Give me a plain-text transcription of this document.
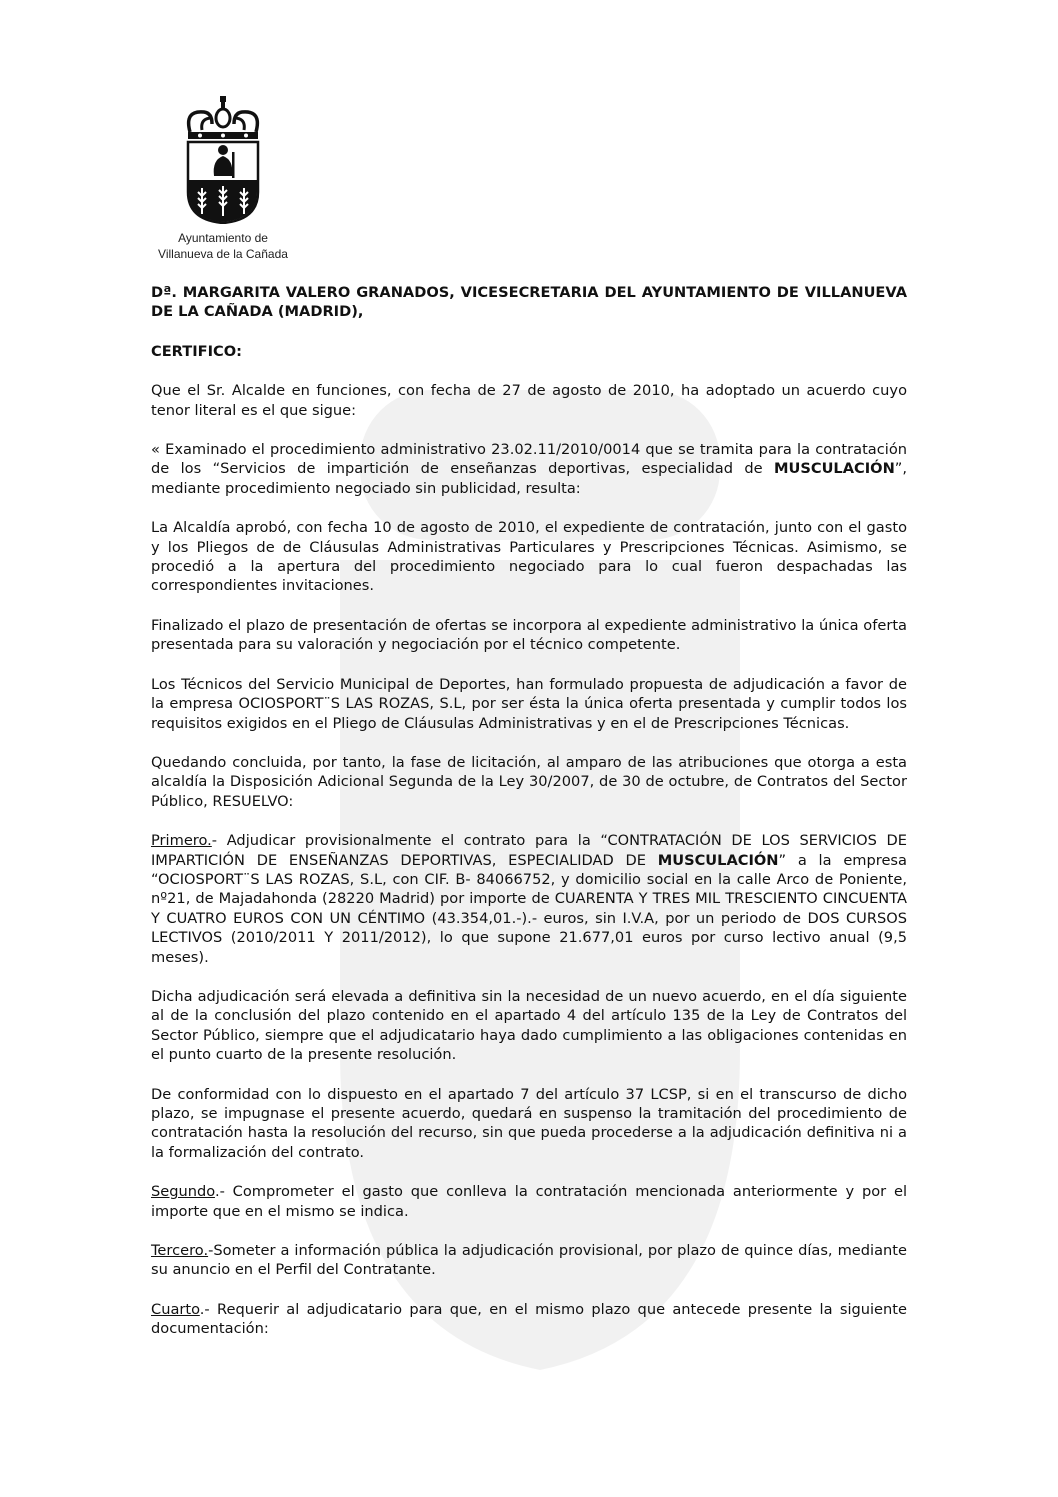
Ayuntamiento de
Villanueva de la Cañada

Dª. MARGARITA VALERO GRANADOS, VICESECRETARIA DEL AYUNTAMIENTO DE VILLANUEVA DE LA CAÑADA (MADRID),

CERTIFICO:

Que el Sr. Alcalde en funciones, con fecha de 27 de agosto de 2010, ha adoptado un acuerdo cuyo tenor literal es el que sigue:

« Examinado el procedimiento administrativo 23.02.11/2010/0014 que se tramita para la contratación de los “Servicios de impartición de enseñanzas deportivas, especialidad de MUSCULACIÓN”, mediante procedimiento negociado sin publicidad, resulta:

La Alcaldía aprobó, con fecha 10 de agosto de 2010, el expediente de contratación, junto con el gasto y los Pliegos de de Cláusulas Administrativas Particulares y Prescripciones Técnicas. Asimismo, se procedió a la apertura del procedimiento negociado para lo cual fueron despachadas las correspondientes invitaciones.

Finalizado el plazo de presentación de ofertas se incorpora al expediente administrativo la única oferta presentada para su valoración y negociación por el técnico competente.

Los Técnicos del Servicio Municipal de Deportes, han formulado propuesta de adjudicación a favor de la empresa OCIOSPORT¨S LAS ROZAS, S.L, por ser ésta la única oferta presentada y cumplir todos los requisitos exigidos en el Pliego de Cláusulas Administrativas y en el de Prescripciones Técnicas.

Quedando concluida, por tanto, la fase de licitación, al amparo de las atribuciones que otorga a esta alcaldía la Disposición Adicional Segunda de la Ley 30/2007, de 30 de octubre, de Contratos del Sector Público, RESUELVO:

Primero.- Adjudicar provisionalmente el contrato para la “CONTRATACIÓN DE LOS SERVICIOS DE IMPARTICIÓN DE ENSEÑANZAS DEPORTIVAS, ESPECIALIDAD DE MUSCULACIÓN” a la empresa “OCIOSPORT¨S LAS ROZAS, S.L, con CIF. B- 84066752, y domicilio social en la calle Arco de Poniente, nº21, de Majadahonda (28220 Madrid) por importe de CUARENTA Y TRES MIL TRESCIENTO CINCUENTA Y CUATRO EUROS CON UN CÉNTIMO (43.354,01.-).- euros, sin I.V.A, por un periodo de DOS CURSOS LECTIVOS (2010/2011 Y 2011/2012), lo que supone 21.677,01 euros por curso lectivo anual (9,5 meses).

Dicha adjudicación será elevada a definitiva sin la necesidad de un nuevo acuerdo, en el día siguiente al de la conclusión del plazo contenido en el apartado 4 del artículo 135 de la Ley de Contratos del Sector Público, siempre que el adjudicatario haya dado cumplimiento a las obligaciones contenidas en el punto cuarto de la presente resolución.

De conformidad con lo dispuesto en el apartado 7 del artículo 37 LCSP, si en el transcurso de dicho plazo, se impugnase el presente acuerdo, quedará en suspenso la tramitación del procedimiento de contratación hasta la resolución del recurso, sin que pueda procederse a la adjudicación definitiva ni a la formalización del contrato.

Segundo.- Comprometer el gasto que conlleva la contratación mencionada anteriormente y por el importe que en el mismo se indica.

Tercero.-Someter a información pública la adjudicación provisional, por plazo de quince días, mediante su anuncio en el Perfil del Contratante.

Cuarto.- Requerir al adjudicatario para que, en el mismo plazo que antecede presente la siguiente documentación:
